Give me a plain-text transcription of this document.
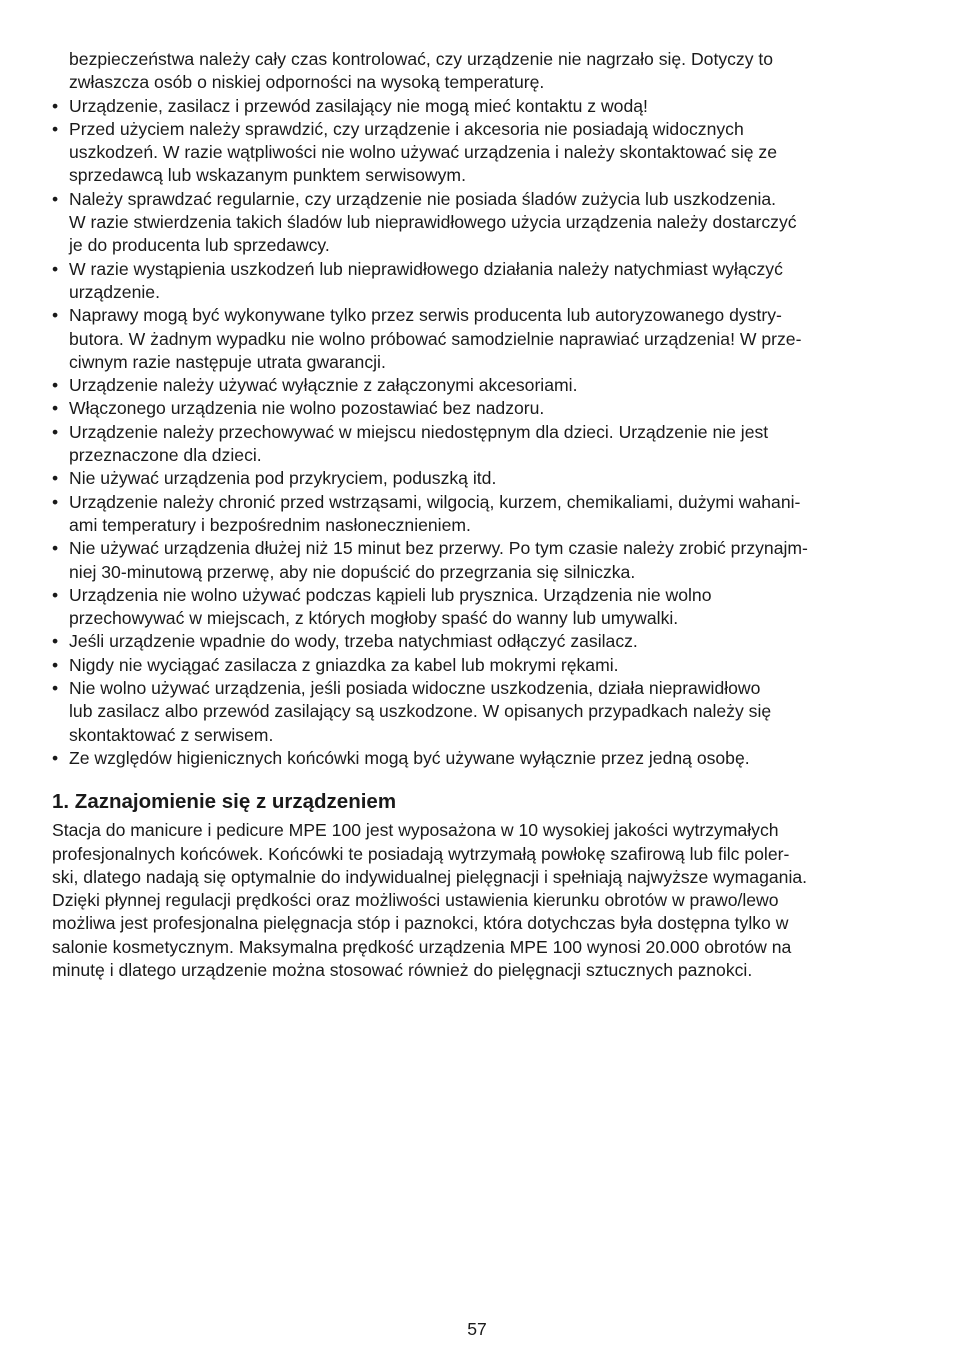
bezpieczeństwa należy cały czas kontrolować, czy urządzenie nie nagrzało się. Dotyczy to
zwłaszcza osób o niskiej odporności na wysoką temperaturę.

• Urządzenie, zasilacz i przewód zasilający nie mogą mieć kontaktu z wodą!
• Przed użyciem należy sprawdzić, czy urządzenie i akcesoria nie posiadają widocznych
uszkodzeń. W razie wątpliwości nie wolno używać urządzenia i należy skontaktować się ze
sprzedawcą lub wskazanym punktem serwisowym.
• Należy sprawdzać regularnie, czy urządzenie nie posiada śladów zużycia lub uszkodzenia.
W razie stwierdzenia takich śladów lub nieprawidłowego użycia urządzenia należy dostarczyć
je do producenta lub sprzedawcy.
• W razie wystąpienia uszkodzeń lub nieprawidłowego działania należy natychmiast wyłączyć
urządzenie.
• Naprawy mogą być wykonywane tylko przez serwis producenta lub autoryzowanego dystry-
butora. W żadnym wypadku nie wolno próbować samodzielnie naprawiać urządzenia! W prze-
ciwnym razie następuje utrata gwarancji.
• Urządzenie należy używać wyłącznie z załączonymi akcesoriami.
• Włączonego urządzenia nie wolno pozostawiać bez nadzoru.
• Urządzenie należy przechowywać w miejscu niedostępnym dla dzieci. Urządzenie nie jest
przeznaczone dla dzieci.
• Nie używać urządzenia pod przykryciem, poduszką itd.
• Urządzenie należy chronić przed wstrząsami, wilgocią, kurzem, chemikaliami, dużymi wahani-
ami temperatury i bezpośrednim nasłonecznieniem.
• Nie używać urządzenia dłużej niż 15 minut bez przerwy. Po tym czasie należy zrobić przynajm-
niej 30-minutową przerwę, aby nie dopuścić do przegrzania się silniczka.
• Urządzenia nie wolno używać podczas kąpieli lub prysznica. Urządzenia nie wolno
przechowywać w miejscach, z których mogłoby spaść do wanny lub umywalki.
• Jeśli urządzenie wpadnie do wody, trzeba natychmiast odłączyć zasilacz.
• Nigdy nie wyciągać zasilacza z gniazdka za kabel lub mokrymi rękami.
• Nie wolno używać urządzenia, jeśli posiada widoczne uszkodzenia, działa nieprawidłowo
lub zasilacz albo przewód zasilający są uszkodzone. W opisanych przypadkach należy się
skontaktować z serwisem.
• Ze względów higienicznych końcówki mogą być używane wyłącznie przez jedną osobę.
1. Zaznajomienie się z urządzeniem

Stacja do manicure i pedicure MPE 100 jest wyposażona w 10 wysokiej jakości wytrzymałych
profesjonalnych końcówek. Końcówki te posiadają wytrzymałą powłokę szafirową lub filc poler-
ski, dlatego nadają się optymalnie do indywidualnej pielęgnacji i spełniają najwyższe wymagania.
Dzięki płynnej regulacji prędkości oraz możliwości ustawienia kierunku obrotów w prawo/lewo
możliwa jest profesjonalna pielęgnacja stóp i paznokci, która dotychczas była dostępna tylko w
salonie kosmetycznym. Maksymalna prędkość urządzenia MPE 100 wynosi 20.000 obrotów na
minutę i dlatego urządzenie można stosować również do pielęgnacji sztucznych paznokci.

57
